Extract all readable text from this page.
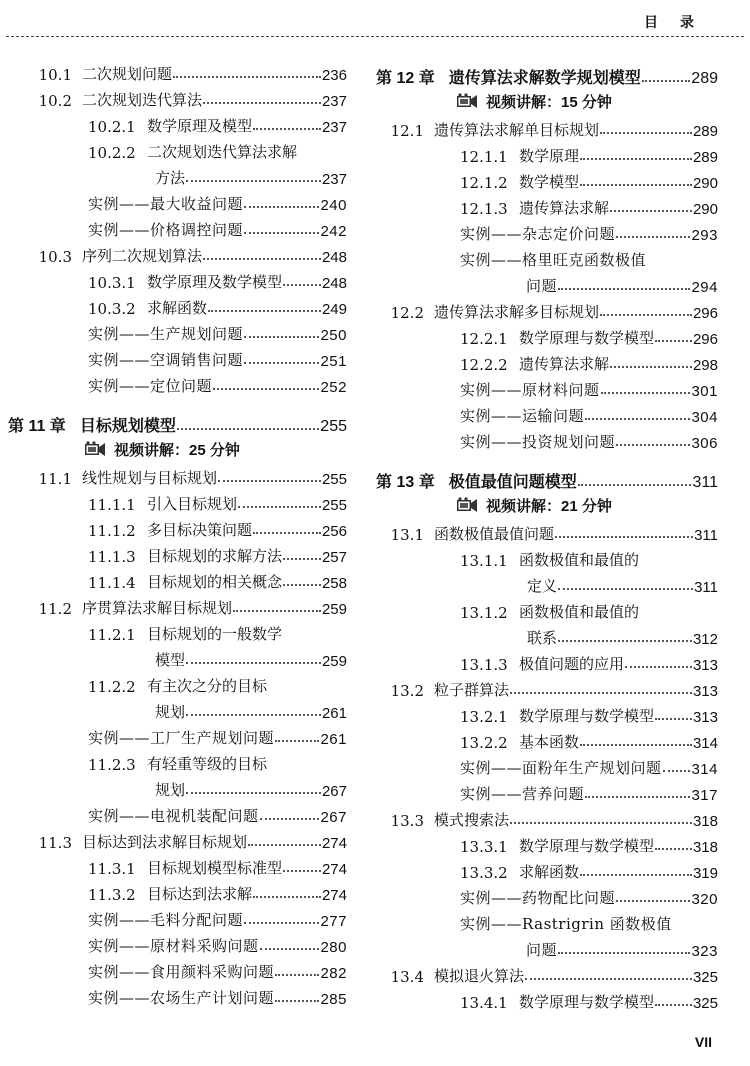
目录
10.1 二次规划问题	236
10.2 二次规划迭代算法	237
10.2.1 数学原理及模型	237
10.2.2 二次规划迭代算法求解
方法	237
实例——最大收益问题	240
实例——价格调控问题	242
10.3 序列二次规划算法	248
10.3.1 数学原理及数学模型	248
10.3.2 求解函数	249
实例——生产规划问题	250
实例——空调销售问题	251
实例——定位问题	252
第 11 章 目标规划模型	255
视频讲解：25 分钟
11.1 线性规划与目标规划	255
11.1.1 引入目标规划	255
11.1.2 多目标决策问题	256
11.1.3 目标规划的求解方法	257
11.1.4 目标规划的相关概念	258
11.2 序贯算法求解目标规划	259
11.2.1 目标规划的一般数学
模型	259
11.2.2 有主次之分的目标
规划	261
实例——工厂生产规划问题	261
11.2.3 有轻重等级的目标
规划	267
实例——电视机装配问题	267
11.3 目标达到法求解目标规划	274
11.3.1 目标规划模型标准型	274
11.3.2 目标达到法求解	274
实例——毛料分配问题	277
实例——原材料采购问题	280
实例——食用颜料采购问题	282
实例——农场生产计划问题	285
第 12 章 遗传算法求解数学规划模型	289
视频讲解：15 分钟
12.1 遗传算法求解单目标规划	289
12.1.1 数学原理	289
12.1.2 数学模型	290
12.1.3 遗传算法求解	290
实例——杂志定价问题	293
实例——格里旺克函数极值
问题	294
12.2 遗传算法求解多目标规划	296
12.2.1 数学原理与数学模型	296
12.2.2 遗传算法求解	298
实例——原材料问题	301
实例——运输问题	304
实例——投资规划问题	306
第 13 章 极值最值问题模型	311
视频讲解：21 分钟
13.1 函数极值最值问题	311
13.1.1 函数极值和最值的
定义	311
13.1.2 函数极值和最值的
联系	312
13.1.3 极值问题的应用	313
13.2 粒子群算法	313
13.2.1 数学原理与数学模型	313
13.2.2 基本函数	314
实例——面粉年生产规划问题 314
实例——营养问题	317
13.3 模式搜索法	318
13.3.1 数学原理与数学模型	318
13.3.2 求解函数	319
实例——药物配比问题	320
实例——Rastrigrin 函数极值
问题	323
13.4 模拟退火算法	325
13.4.1 数学原理与数学模型	325
VII
